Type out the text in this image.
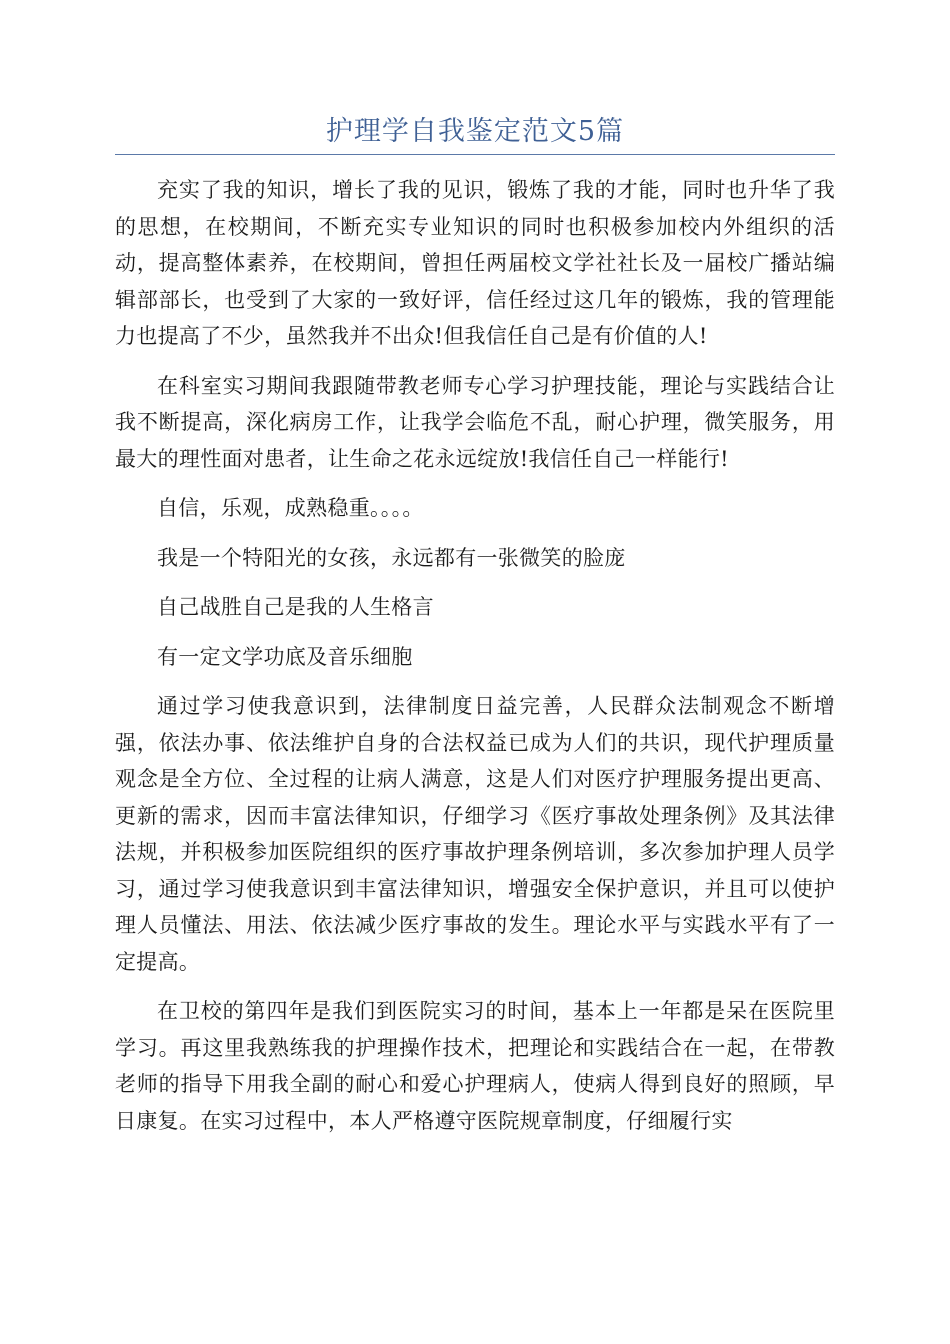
护理学自我鉴定范文5篇

充实了我的知识，增长了我的见识，锻炼了我的才能，同时也升华了我的思想，在校期间，不断充实专业知识的同时也积极参加校内外组织的活动，提高整体素养，在校期间，曾担任两届校文学社社长及一届校广播站编辑部部长，也受到了大家的一致好评，信任经过这几年的锻炼，我的管理能力也提高了不少，虽然我并不出众!但我信任自己是有价值的人!

在科室实习期间我跟随带教老师专心学习护理技能，理论与实践结合让我不断提高，深化病房工作，让我学会临危不乱，耐心护理，微笑服务，用最大的理性面对患者，让生命之花永远绽放!我信任自己一样能行!

自信，乐观，成熟稳重。。。。

我是一个特阳光的女孩，永远都有一张微笑的脸庞

自己战胜自己是我的人生格言

有一定文学功底及音乐细胞

通过学习使我意识到，法律制度日益完善，人民群众法制观念不断增强，依法办事、依法维护自身的合法权益已成为人们的共识，现代护理质量观念是全方位、全过程的让病人满意，这是人们对医疗护理服务提出更高、更新的需求，因而丰富法律知识，仔细学习《医疗事故处理条例》及其法律法规，并积极参加医院组织的医疗事故护理条例培训，多次参加护理人员学习，通过学习使我意识到丰富法律知识，增强安全保护意识，并且可以使护理人员懂法、用法、依法减少医疗事故的发生。理论水平与实践水平有了一定提高。

在卫校的第四年是我们到医院实习的时间，基本上一年都是呆在医院里学习。再这里我熟练我的护理操作技术，把理论和实践结合在一起，在带教老师的指导下用我全副的耐心和爱心护理病人，使病人得到良好的照顾，早日康复。在实习过程中，本人严格遵守医院规章制度，仔细履行实
